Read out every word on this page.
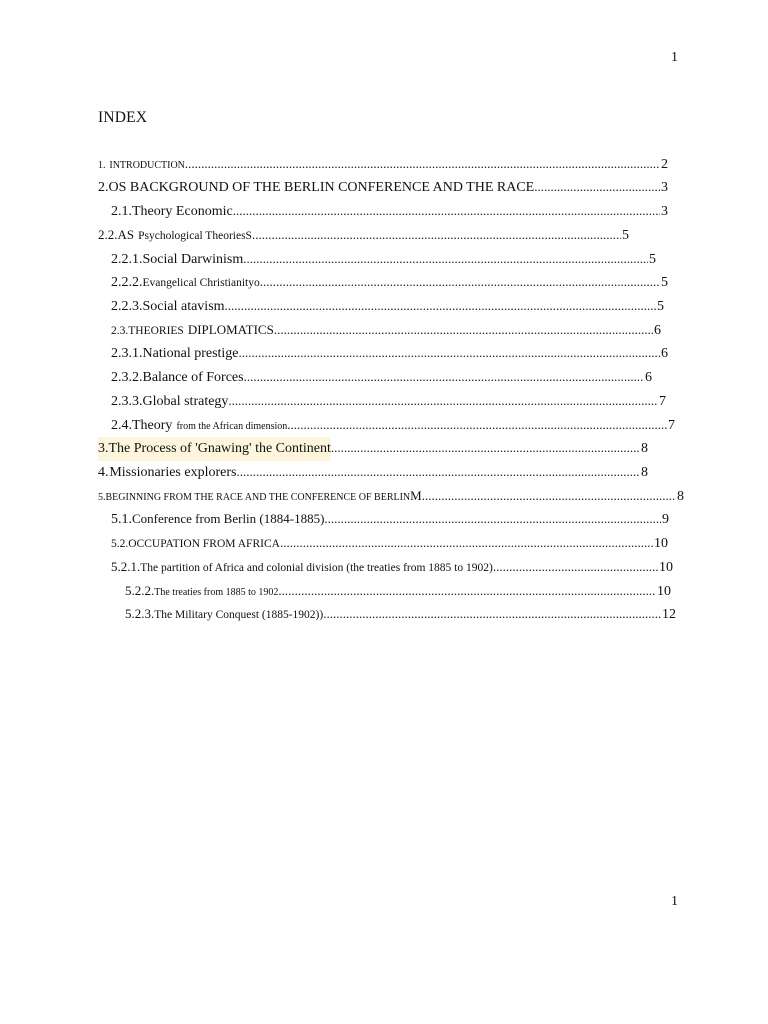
1
INDEX
1. INTRODUCTION .....	2
2. OS BACKGROUND OF THE BERLIN CONFERENCE AND THE RACE .....	3
2.1. Theory Economic .....	3
2.2. AS Psychological TheoriesS .....	5
2.2.1. Social Darwinism .....	5
2.2.2. Evangelical Christianityo .....	5
2.2.3. Social atavism .....	5
2.3. THEORIES DIPLOMATICS .....	6
2.3.1. National prestige .....	6
2.3.2. Balance of Forces .....	6
2.3.3. Global strategy .....	7
2.4. Theory from the African dimension .....	7
3. The Process of 'Gnawing' the Continent .....	8
4. Missionaries explorers .....	8
5. BEGINNING FROM THE RACE AND THE CONFERENCE OF BERLIN M .....	8
5.1. Conference from Berlin (1884-1885) .....	9
5.2. OCCUPATION FROM AFRICA .....	10
5.2.1. The partition of Africa and colonial division (the treaties from 1885 to 1902) .....	10
5.2.2. The treaties from 1885 to 1902 .....	10
5.2.3. The Military Conquest (1885-1902)) .....	12
1
